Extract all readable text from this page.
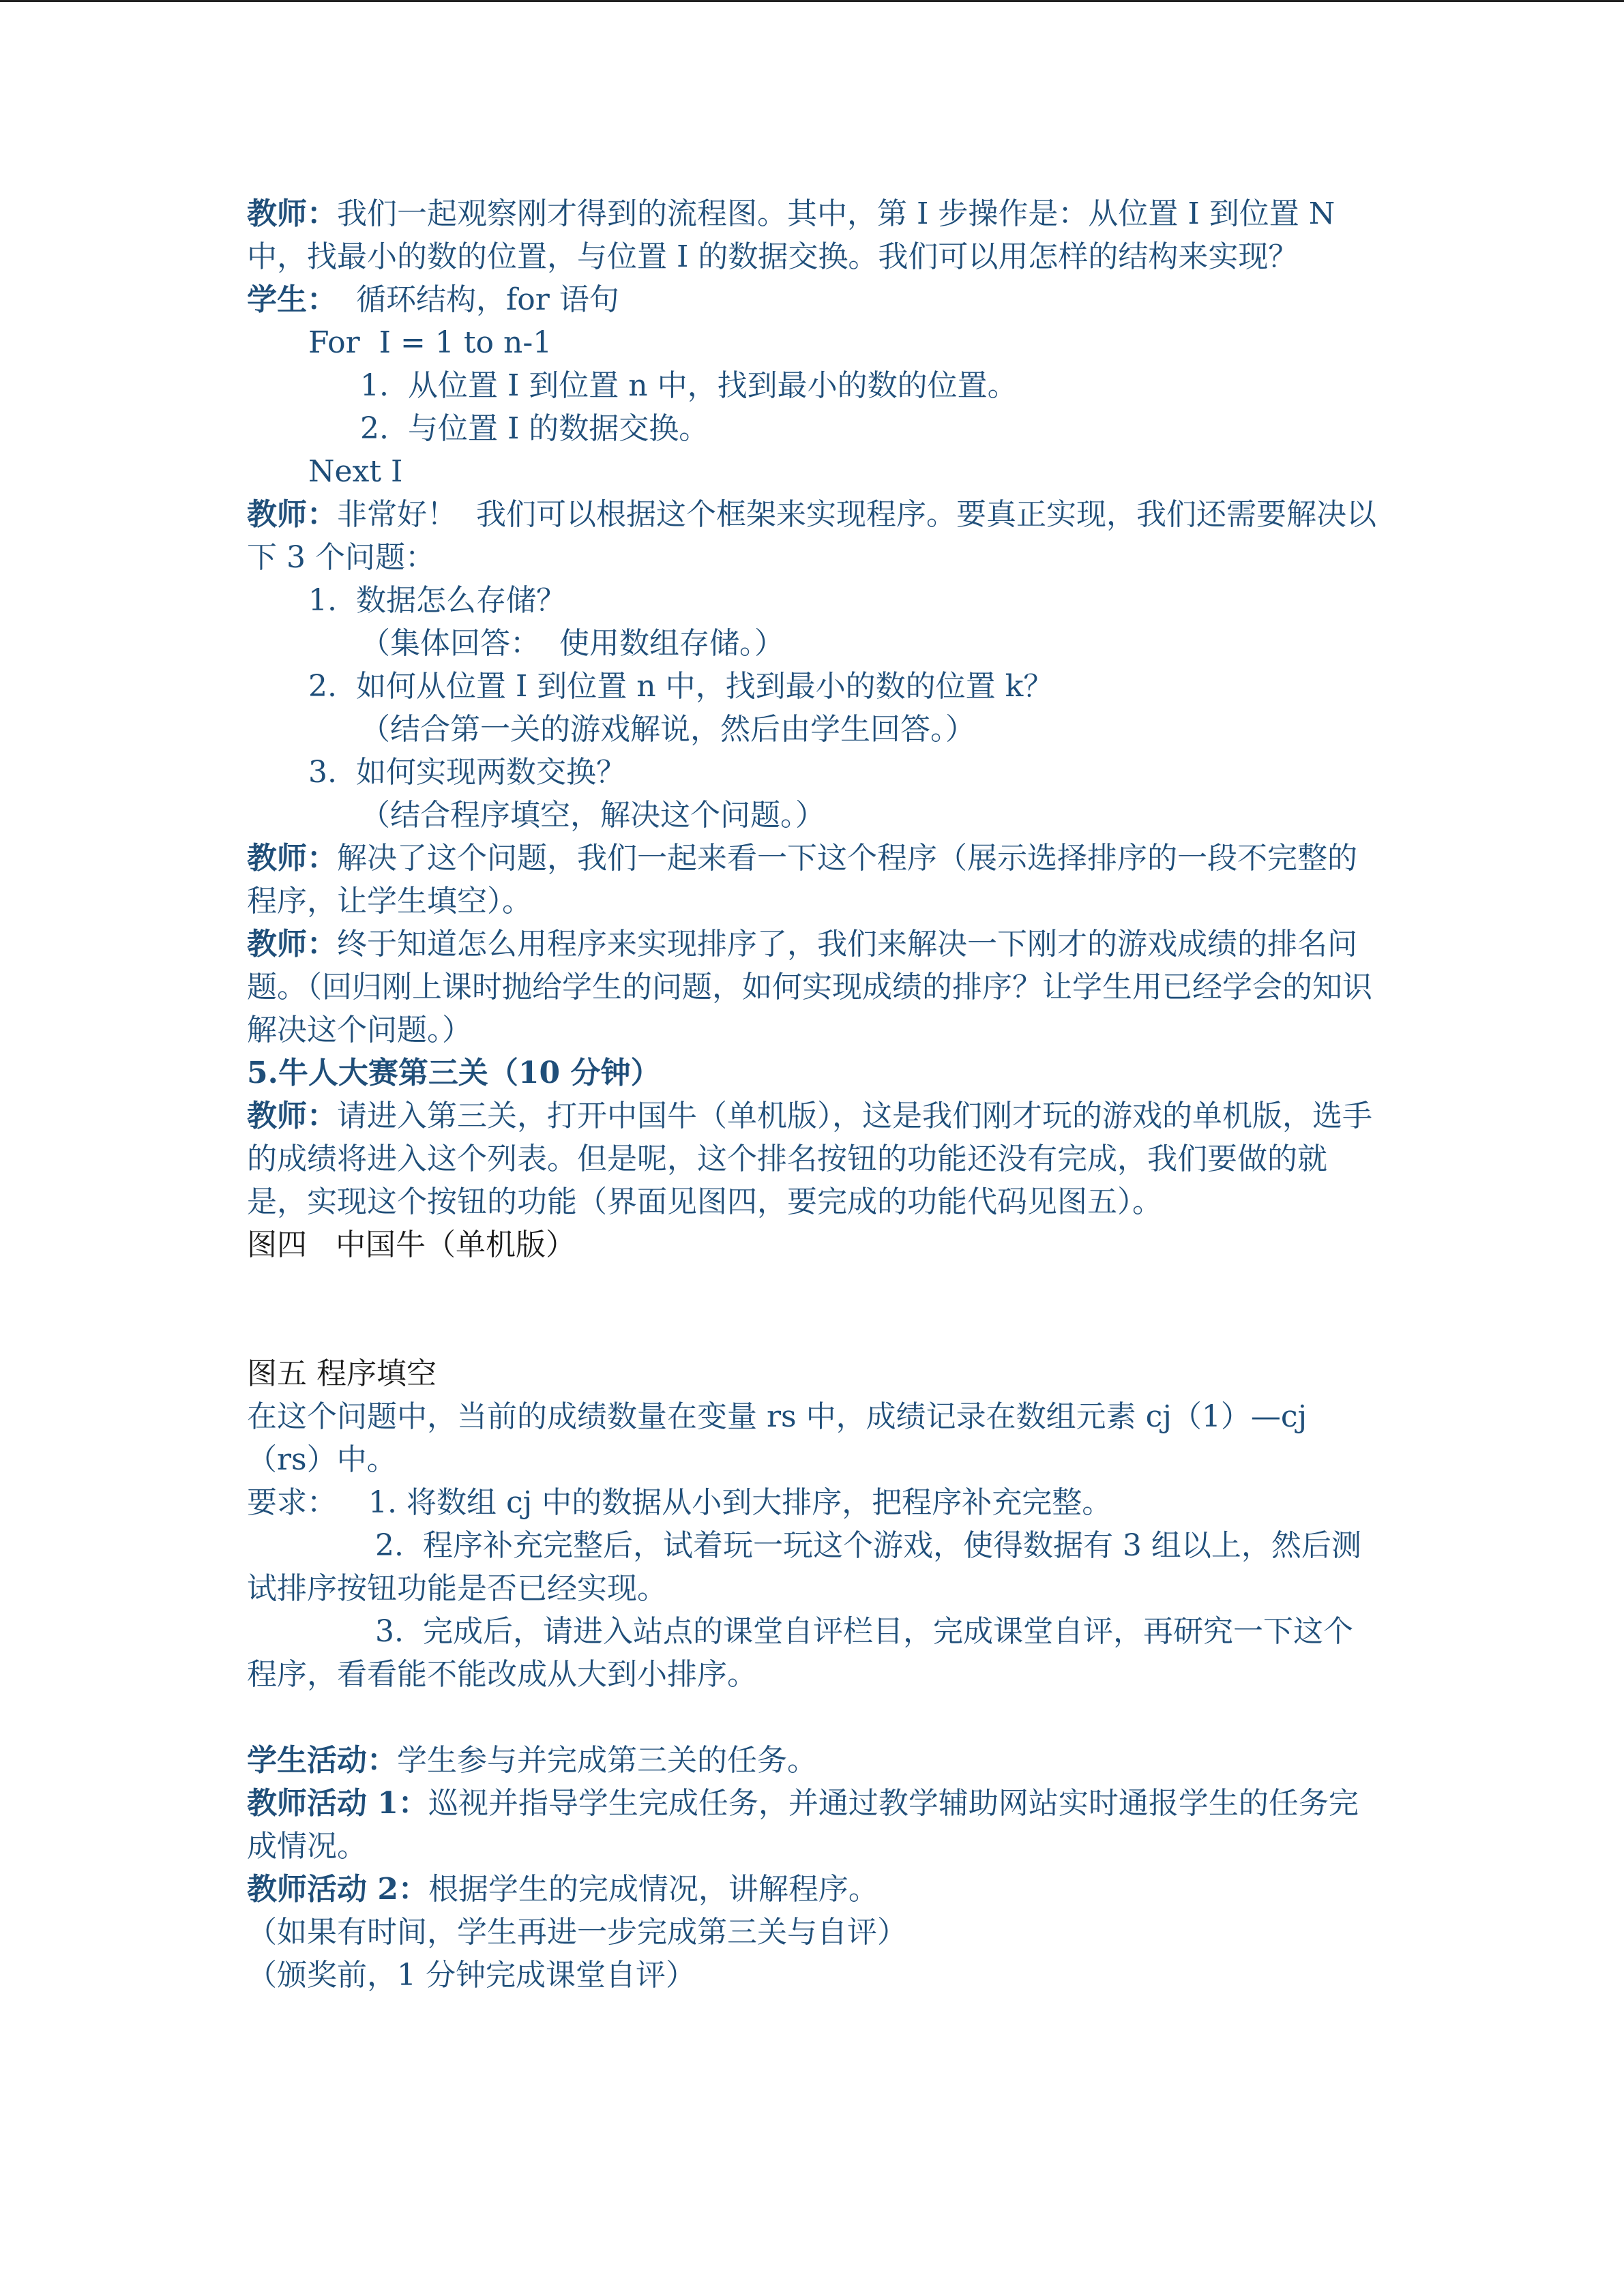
教师：我们一起观察刚才得到的流程图。其中，第 I 步操作是：从位置 I 到位置 N 中，找最小的数的位置，与位置 I 的数据交换。我们可以用怎样的结构来实现？

学生：  循环结构，for 语句

For  I = 1 to n-1

1.  从位置 I 到位置 n 中，找到最小的数的位置。

2.  与位置 I 的数据交换。

Next I

教师：非常好！  我们可以根据这个框架来实现程序。要真正实现，我们还需要解决以下 3 个问题：

1.  数据怎么存储？

（集体回答：  使用数组存储。）

2.  如何从位置 I 到位置 n 中，找到最小的数的位置 k？

（结合第一关的游戏解说，然后由学生回答。）

3.  如何实现两数交换？

（结合程序填空，解决这个问题。）

教师：解决了这个问题，我们一起来看一下这个程序（展示选择排序的一段不完整的程序，让学生填空）。

教师：终于知道怎么用程序来实现排序了，我们来解决一下刚才的游戏成绩的排名问题。（回归刚上课时抛给学生的问题，如何实现成绩的排序？让学生用已经学会的知识解决这个问题。）

5.牛人大赛第三关（10 分钟）

教师：请进入第三关，打开中国牛（单机版），这是我们刚才玩的游戏的单机版，选手的成绩将进入这个列表。但是呢，这个排名按钮的功能还没有完成，我们要做的就是，实现这个按钮的功能（界面见图四，要完成的功能代码见图五）。

图四   中国牛（单机版）

图五 程序填空

在这个问题中，当前的成绩数量在变量 rs 中，成绩记录在数组元素 cj（1）—cj（rs）中。

要求：	1. 将数组 cj 中的数据从小到大排序，把程序补充完整。

2.  程序补充完整后，试着玩一玩这个游戏，使得数据有 3 组以上，然后测试排序按钮功能是否已经实现。

3.  完成后，请进入站点的课堂自评栏目，完成课堂自评，再研究一下这个程序，看看能不能改成从大到小排序。

学生活动：学生参与并完成第三关的任务。

教师活动 1：巡视并指导学生完成任务，并通过教学辅助网站实时通报学生的任务完成情况。

教师活动 2：根据学生的完成情况，讲解程序。

（如果有时间，学生再进一步完成第三关与自评）

（颁奖前，1 分钟完成课堂自评）
